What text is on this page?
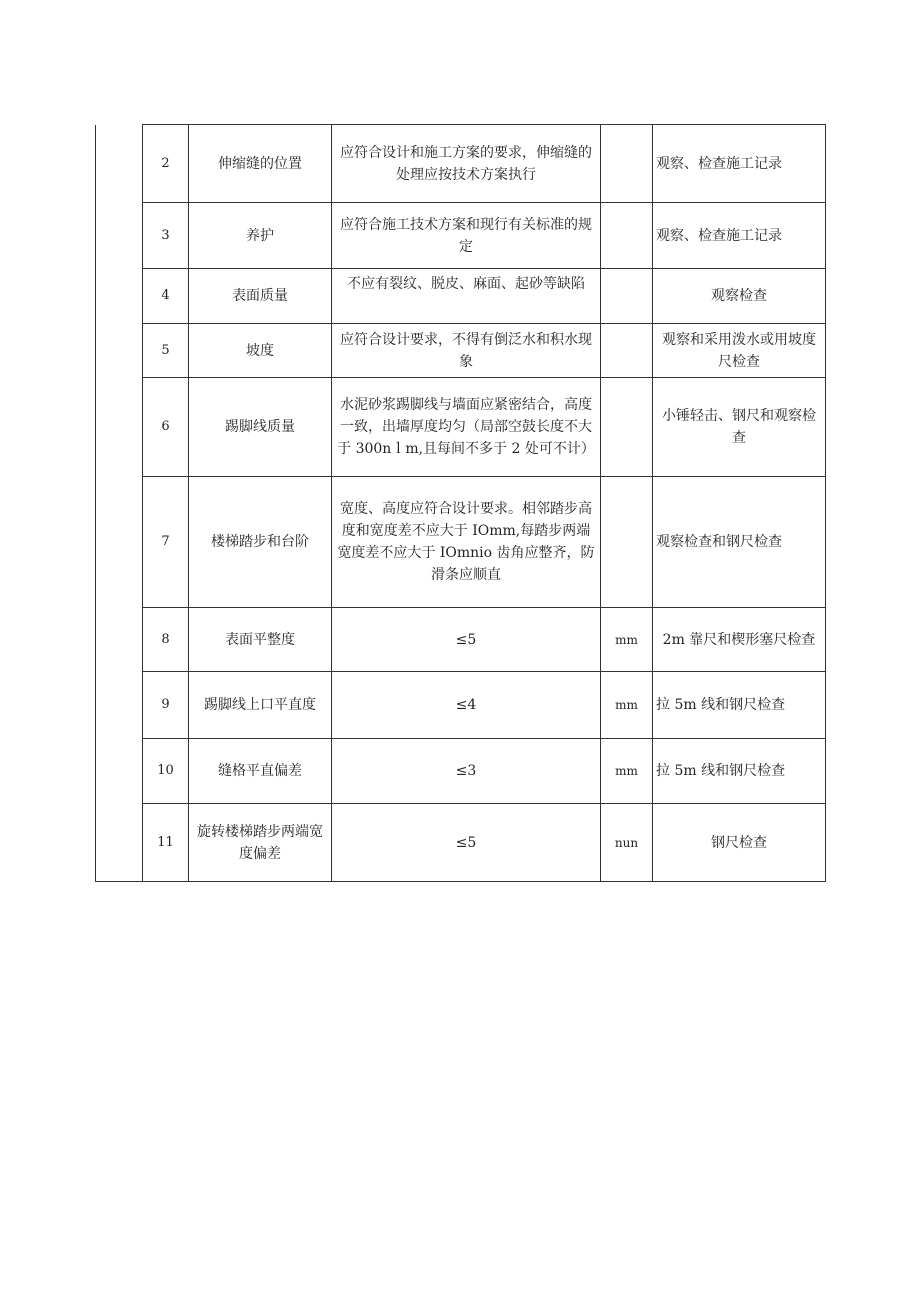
	2	伸缩缝的位置	应符合设计和施工方案的要求，伸缩缝的处理应按技术方案执行		观察、检查施工记录
	3	养护	应符合施工技术方案和现行有关标准的规定		观察、检查施工记录
	4	表面质量	不应有裂纹、脱皮、麻面、起砂等缺陷		观察检查
	5	坡度	应符合设计要求，不得有倒泛水和积水现象		观察和采用泼水或用坡度尺检查
	6	踢脚线质量	水泥砂浆踢脚线与墙面应紧密结合，高度一致，出墙厚度均匀（局部空鼓长度不大于 300nｌm,且每间不多于 2 处可不计）		小锤轻击、钢尺和观察检查
	7	楼梯踏步和台阶	宽度、高度应符合设计要求。相邻踏步高度和宽度差不应大于 IOmm,每踏步两端宽度差不应大于 IOmnio 齿角应整齐，防滑条应顺直		观察检查和钢尺检查
	8	表面平整度	≤5	mm	2m 靠尺和楔形塞尺检查
	9	踢脚线上口平直度	≤4	mm	拉 5m 线和钢尺检查
	10	缝格平直偏差	≤3	mm	拉 5m 线和钢尺检查
	11	旋转楼梯踏步两端宽度偏差	≤5	nun	钢尺检查
